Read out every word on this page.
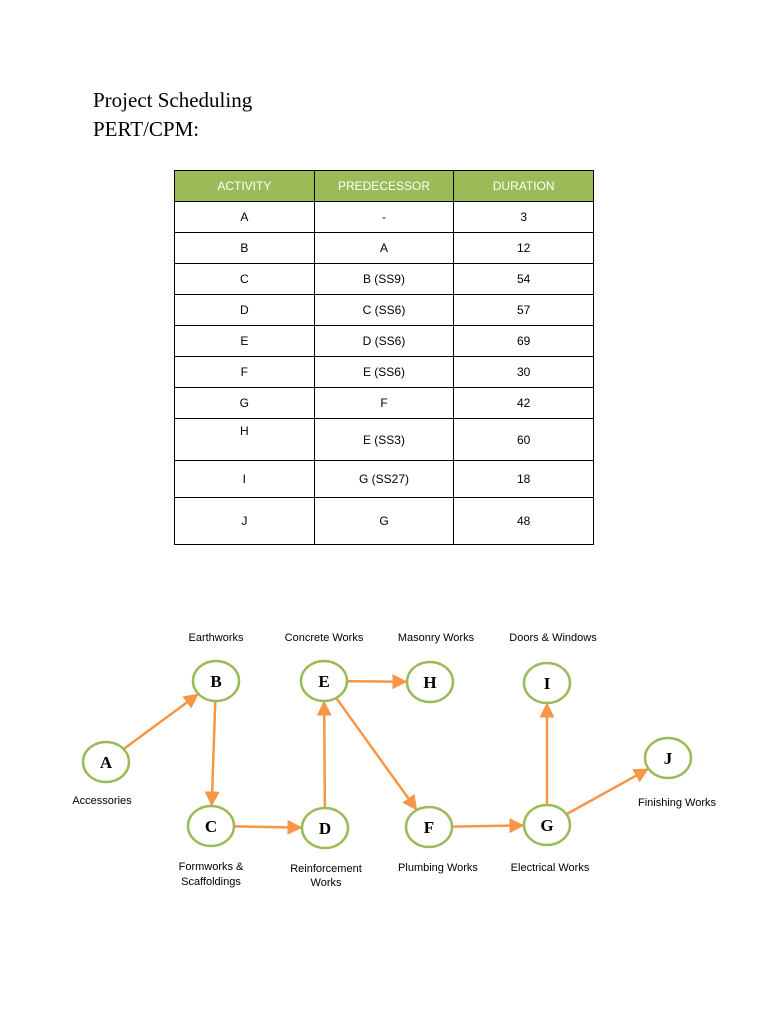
Project Scheduling
PERT/CPM:
ACTIVITY	PREDECESSOR	DURATION
A	-	3
B	A	12
C	B (SS9)	54
D	C (SS6)	57
E	D (SS6)	69
F	E (SS6)	30
G	F	42
H	E (SS3)	60
I	G (SS27)	18
J	G	48
A
B
C	D
E
F	G
H	I
J
Accessories
Earthworks
Formworks & Scaffoldings
Reinforcement Works
Concrete Works
Plumbing Works	Electrical Works
Masonry Works	Doors & Windows
Finishing Works
